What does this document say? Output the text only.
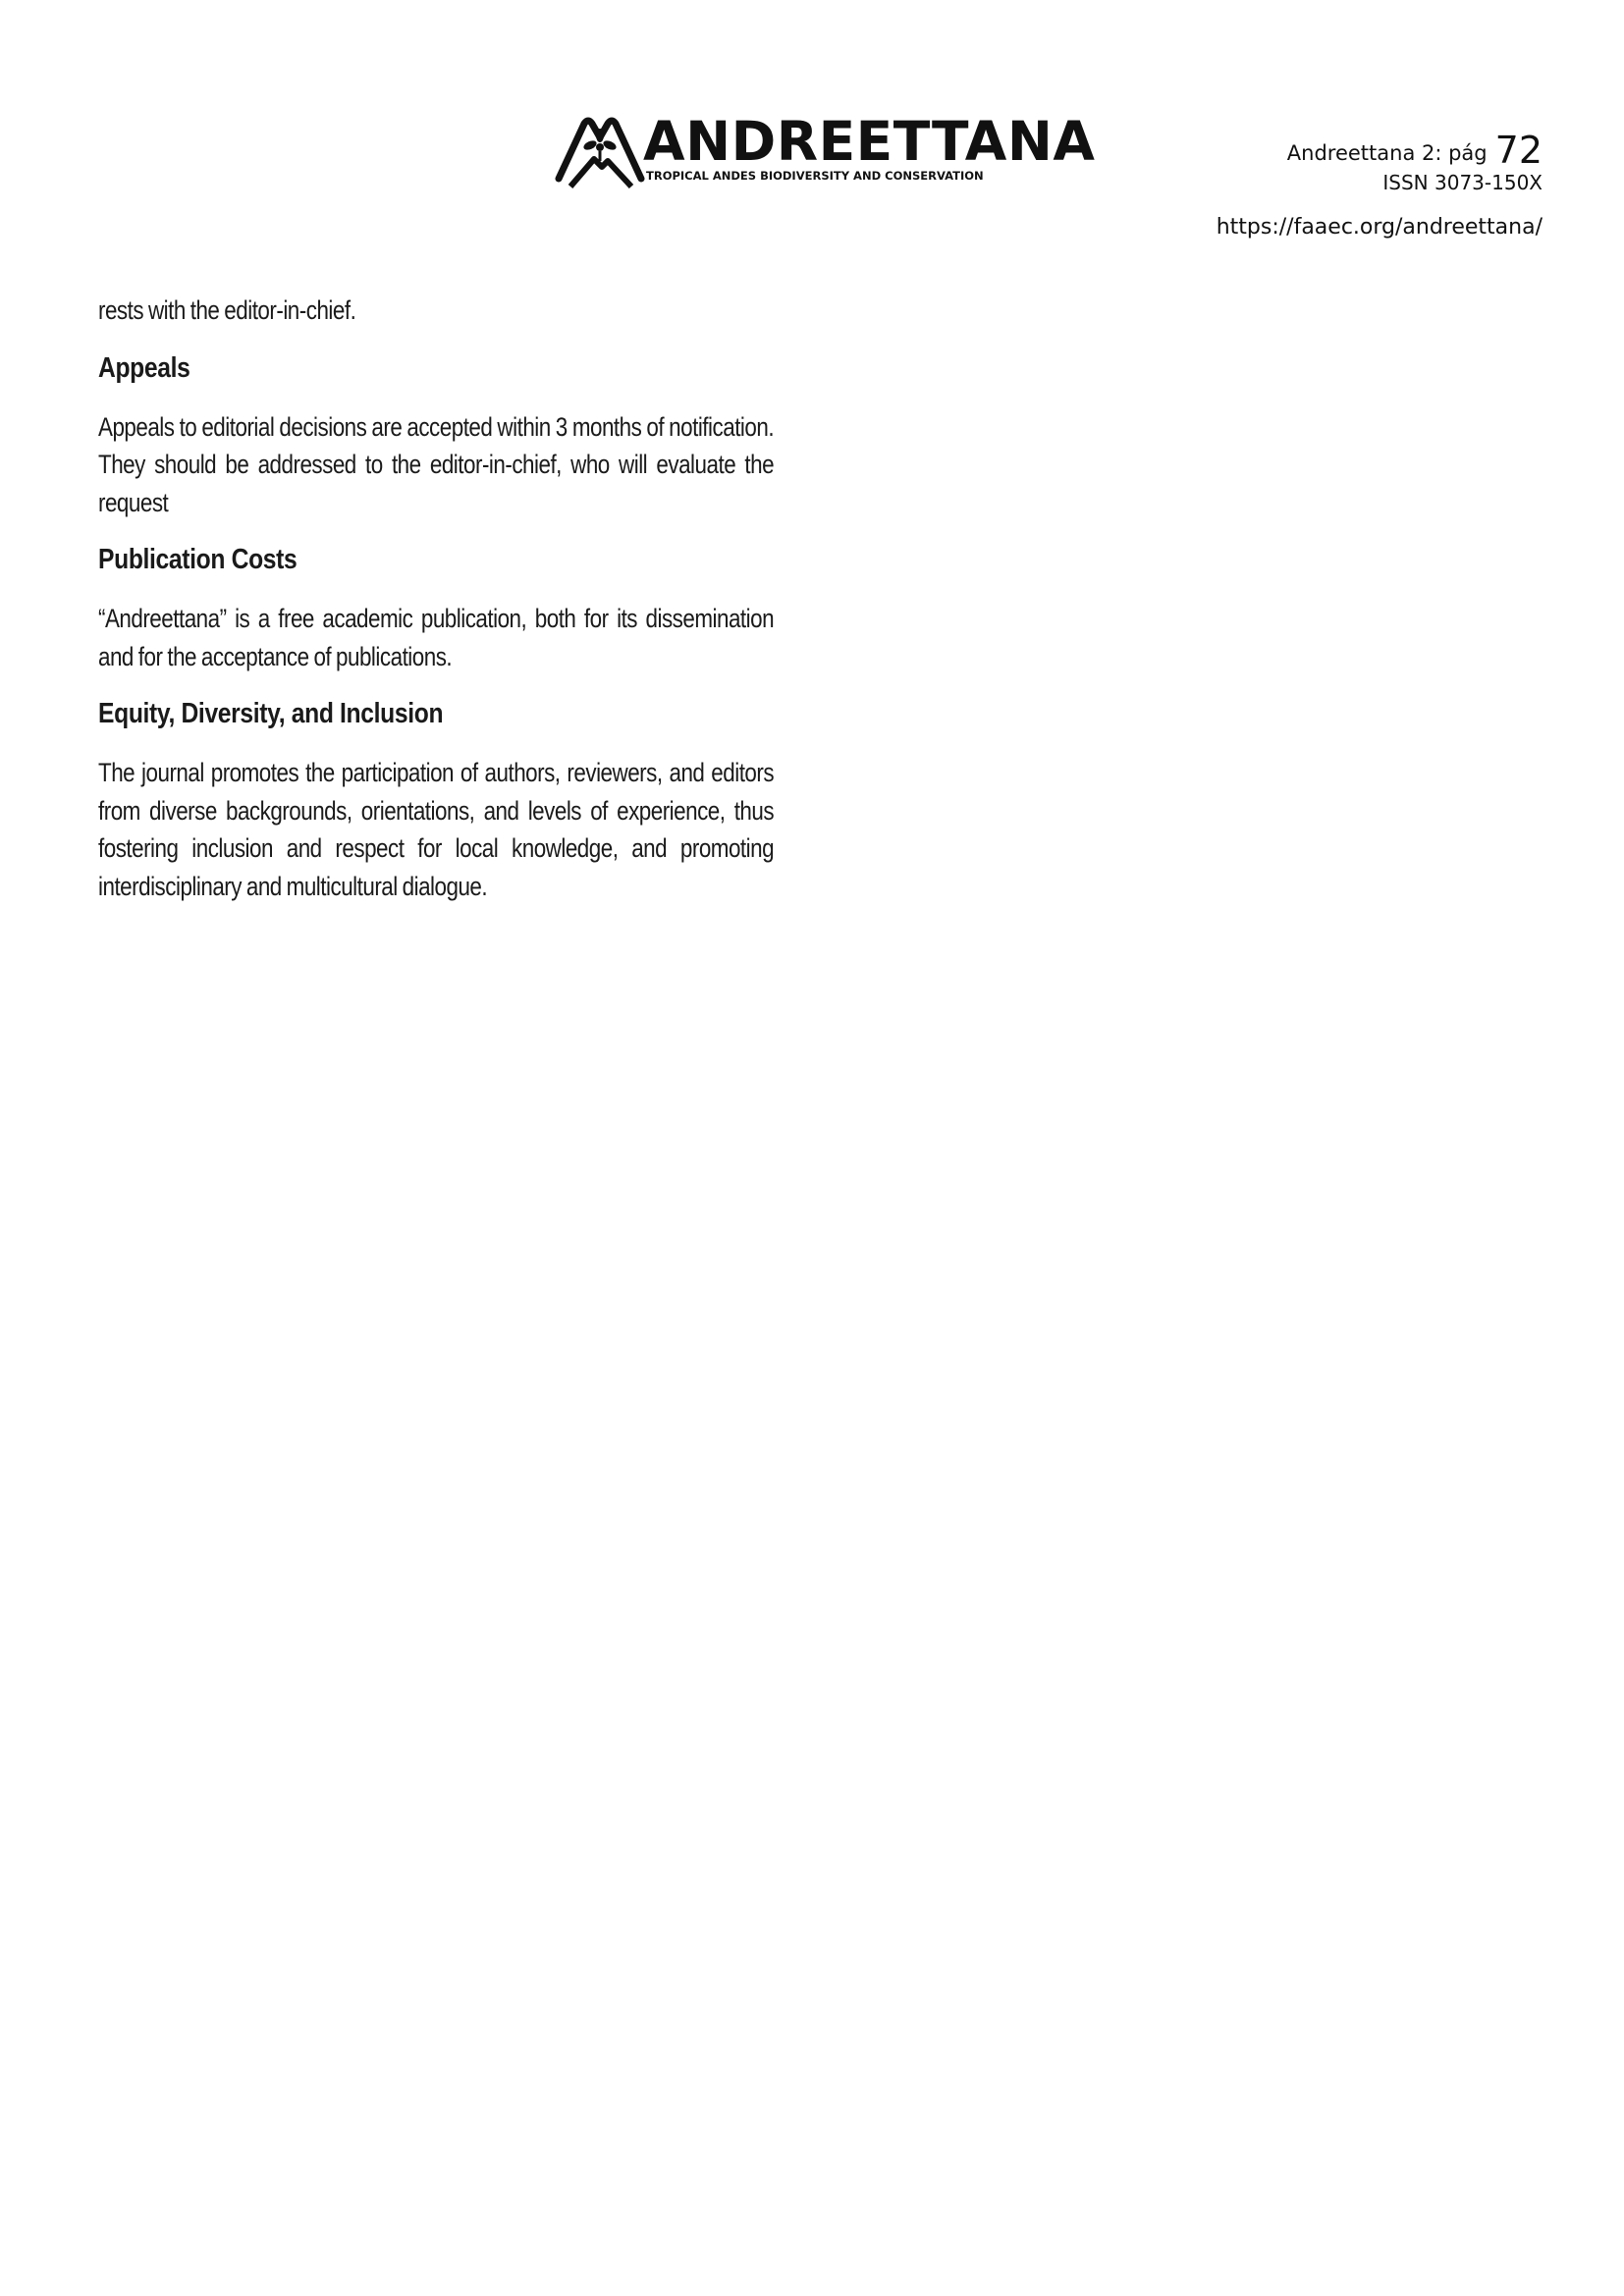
ANDREETTANA
TROPICAL ANDES BIODIVERSITY AND CONSERVATION
Andreettana 2: pág 72
ISSN 3073-150X
https://faaec.org/andreettana/

rests with the editor-in-chief.

Appeals

Appeals to editorial decisions are accepted within 3 months of notification. They should be addressed to the editor-in-chief, who will evaluate the request

Publication Costs

“Andreettana” is a free academic publication, both for its dissemination and for the acceptance of publications.

Equity, Diversity, and Inclusion

The journal promotes the participation of authors, reviewers, and editors from diverse backgrounds, orientations, and levels of experience, thus fostering inclusion and respect for local knowledge, and promoting interdisciplinary and multicultural dialogue.
